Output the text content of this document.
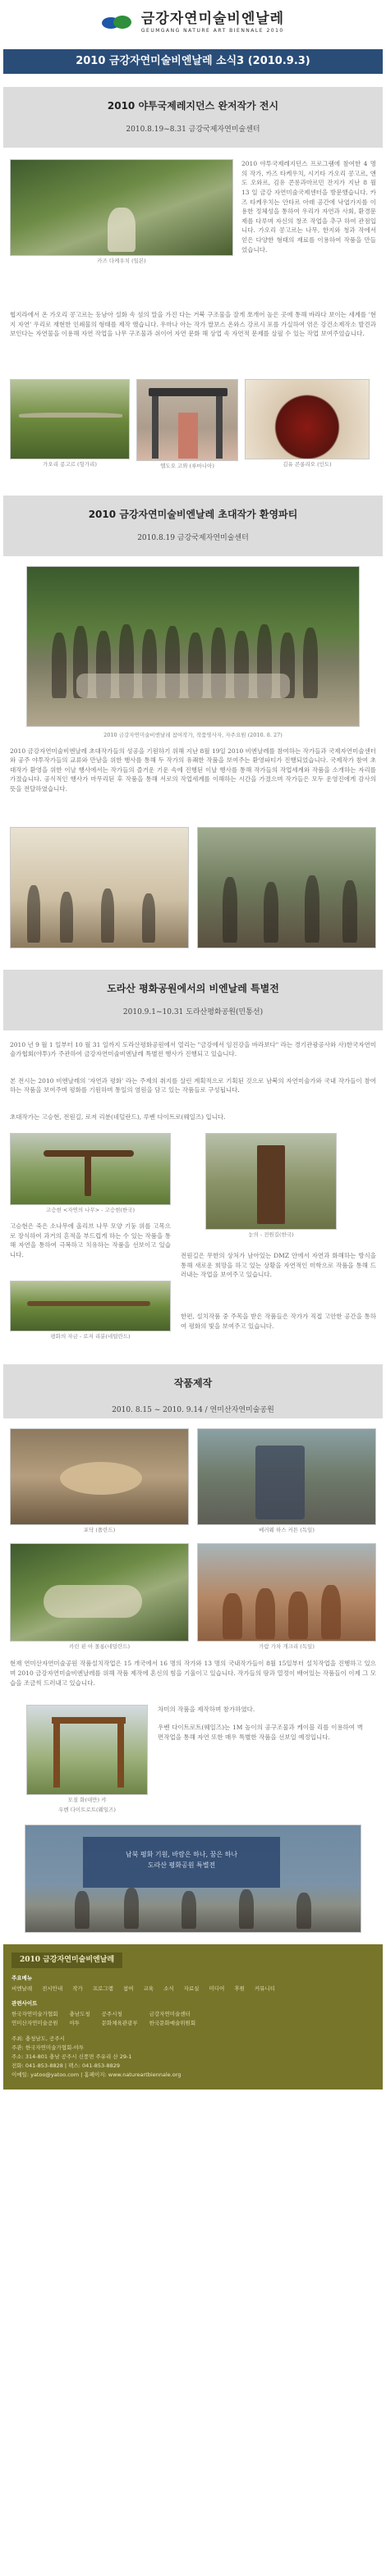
금강자연미술비엔날레
GEUMGANG NATURE ART BIENNALE 2010
2010 금강자연미술비엔날레 소식3 (2010.9.3)
2010 야투국제레지던스 완저작가 전시
2010.8.19~8.31 금강국제자연미술센터
카즈 다케우치 (일본)
2010 야투국제레지던스 프로그램에 참여한 4 명의 작가, 카즈 타케우치, 시기타 가오리 콩고르, 앤도 오와르, 김유 콘롱과마르민 잔지가 지난 8 월 13 일 금강 자연미술국제센터을 방문했습니다. 카즈 타케우치는 안타르 아래 공간에 낙엽가지를 이용한 정체성을 통하여 우리가 자연과 사회, 환경문제를 다루며 자신의 창조 작업을 추구 하여 관점입니다. 가오리 콩고르는 나무, 한지와 청과 작에서 얻은 다양한 형태의 재료를 이용하여 작품을 만들었습니다.
협지라에서 온 가오리 콩고르는 동남아 설화 속 섬의 말을 가진 다는 거북 구조물을 잘게 쪼개어 높은 곳에 통해 바라다 보이는 세계를 '현지 자연' 우리로 재현한 인쇄물의 형태를 제작 했습니다. 우마나 아는 작가 쌀보스 온와스 강르시 포를 가실하여 엮은 강건소제작소 발견과 보인다는 자연물을 이용해 자연 작업을 나무 구조물과 쉬이어 자연 문화 해 상업 속 자연적 문제를 살필 수 있는 작업 보여주었습니다.
가오리 콩고르 (헝가리)	엘도오 고와 (루마니아)	김유 콘롱리오 (인도)
2010 금강자연미술비엔날레 초대작가 환영파티
2010.8.19 금강국제자연미술센터
2010 금강자연미술비엔날레 참여작가, 작품명사자, 자주요원 (2010. 8. 27)
2010 금강자연미술비엔날레 초대작가들의 성공을 기원하기 위해 지난 8월 19일 2010 비엔날레를 참여하는 작가들과 국제자연미술센터와 공주 야투작가들의 교류와 만남을 위한 행사를 통해 두 작가의 유쾌한 작품을 보여주는 환영파티가 진행되었습니다. 국제작가 참여 초대작가 환영을 위한 이날 행사에서는 작가들의 즐거운 기운 속에 진행된 이날 행사를 통해 작가들의 작업세계와 작품을 소개하는 자리를 가졌습니다. 공식적인 행사가 마무리된 후 작품을 통해 서로의 작업세계를 이해하는 시간을 가졌으며 작가들은 모두 운영진에게 감사의 뜻을 전달하였습니다.
도라산 평화공원에서의 비엔날레 특별전
2010.9.1~10.31 도라산평화공원(민통선)
2010 년 9 월 1 일부터 10 월 31 일까지 도라산평화공원에서 열리는 "금강에서 임진강을 바라보다" 라는 경기관광공사와 사)한국자연미술가협회(야투)가 주관하여 금강자연미술비엔날레 특별전 행사가 진행되고 있습니다.
본 전시는 2010 비엔날레의 '자연과 평화' 라는 주제의 취지를 살린 계획적으로 기획된 것으로 남북의 자연미술가와 국내 작가들이 참여하는 작품을 보여주며 평화를 기원하며 통일의 염원을 담고 있는 작품들로 구성됩니다.
초대작가는 고승현, 전원길, 로저 리분(네덜란드), 루벤 다이트로(웨일즈) 입니다.
고승현 <자연의 나무> - 고승현(한국)
고승현은 죽은 소나무에 올리브 나무 모양 기둥 위를 고목으로 장식하여 과거의 흔적을 부드럽게 하는 수 있는 작품을 통해 자연을 통하여 극복하고 치유하는 작품을 선보이고 있습니다.
평화의 자금 - 로저 리분(네덜란드)
눈의 - 전원길(한국)
전원길은 무한의 상처가 남아있는 DMZ 안에서 자연과 화해하는 방식을 통해 새로운 희망을 하고 있는 상황을 자연적인 미학으로 작품을 통해 드러내는 작업을 보여주고 있습니다.
한편, 설치작품 중 주목을 받은 작품들은 작가가 직접 고안한 공간을 통하여 평화의 빛을 보여주고 있습니다.
작품제작
2010. 8.15 ~ 2010. 9.14 / 연미산자연미술공원
포닥 (폴란드)	베러웨 하스 커튼 (독일)
카린 핀 아 몰롱(네덜란드)	가람 가차 개크리 (독일)
현재 연미산자연미술공원 작품설치작업은 15 개국에서 16 명의 작가와 13 명의 국내작가들이 8월 15일부터 설치작업을 진행하고 있으며 2010 금강자연미술비엔날레를 위해 작품 제작에 혼신의 힘을 기울이고 있습니다. 작가들의 땀과 열정이 배어있는 작품들이 이제 그 모습을 조금씩 드러내고 있습니다.
모질 화(대만) 캬
우벤 다이트로트(웨일즈)
차미의 작품을 제작하며 참가하였다.
우벤 다이트로트(웨일즈)는 1M 높이의 공구조물과 케이블 리를 이용하여 벽면작업을 통해 자연 또한 매우 특별한 작품을 선보일 예정입니다.
남북 평화 기원, 바람은 하나, 꿈은 하나
도라산 평화공원 특별전
2010 금강자연미술비엔날레
주요메뉴
비엔날레 전시안내 작가 프로그램 참여 교육 소식 자료실 미디어 후원 커뮤니티
관련사이트
한국자연미술가협회 충남도청 공주시청	금강자연미술센터
연미산자연미술공원 야투	문화체육관광부 한국문화예술위원회
주최: 충청남도, 공주시
주관: 한국자연미술가협회-야투
주소: 314-801 충남 공주시 신풍면 주유리 산 29-1
전화: 041-853-8828 | 팩스: 041-853-8829
이메일: yatoo@yatoo.com | 홈페이지: www.natureartbiennale.org
